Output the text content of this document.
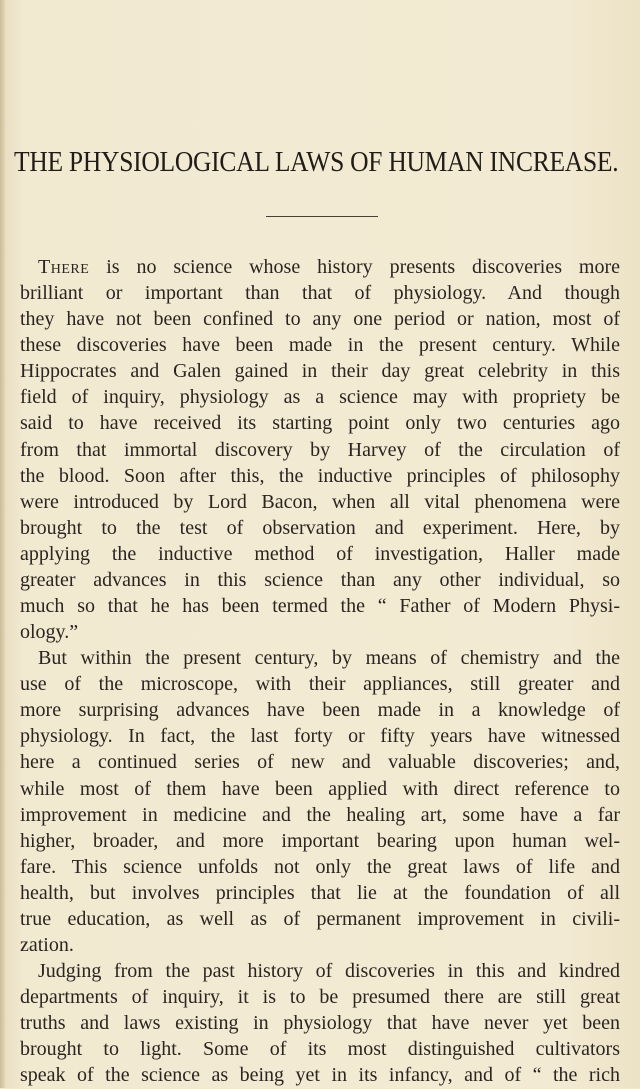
THE PHYSIOLOGICAL LAWS OF HUMAN INCREASE.
There is no science whose history presents discoveries more
brilliant or important than that of physiology. And though
they have not been confined to any one period or nation, most of
these discoveries have been made in the present century. While
Hippocrates and Galen gained in their day great celebrity in this
field of inquiry, physiology as a science may with propriety be
said to have received its starting point only two centuries ago
from that immortal discovery by Harvey of the circulation of
the blood. Soon after this, the inductive principles of philosophy
were introduced by Lord Bacon, when all vital phenomena were
brought to the test of observation and experiment. Here, by
applying the inductive method of investigation, Haller made
greater advances in this science than any other individual, so
much so that he has been termed the “ Father of Modern Physi-
ology.”
But within the present century, by means of chemistry and the
use of the microscope, with their appliances, still greater and
more surprising advances have been made in a knowledge of
physiology. In fact, the last forty or fifty years have witnessed
here a continued series of new and valuable discoveries; and,
while most of them have been applied with direct reference to
improvement in medicine and the healing art, some have a far
higher, broader, and more important bearing upon human wel-
fare. This science unfolds not only the great laws of life and
health, but involves principles that lie at the foundation of all
true education, as well as of permanent improvement in civili-
zation.
Judging from the past history of discoveries in this and kindred
departments of inquiry, it is to be presumed there are still great
truths and laws existing in physiology that have never yet been
brought to light. Some of its most distinguished cultivators
speak of the science as being yet in its infancy, and of “ the rich
